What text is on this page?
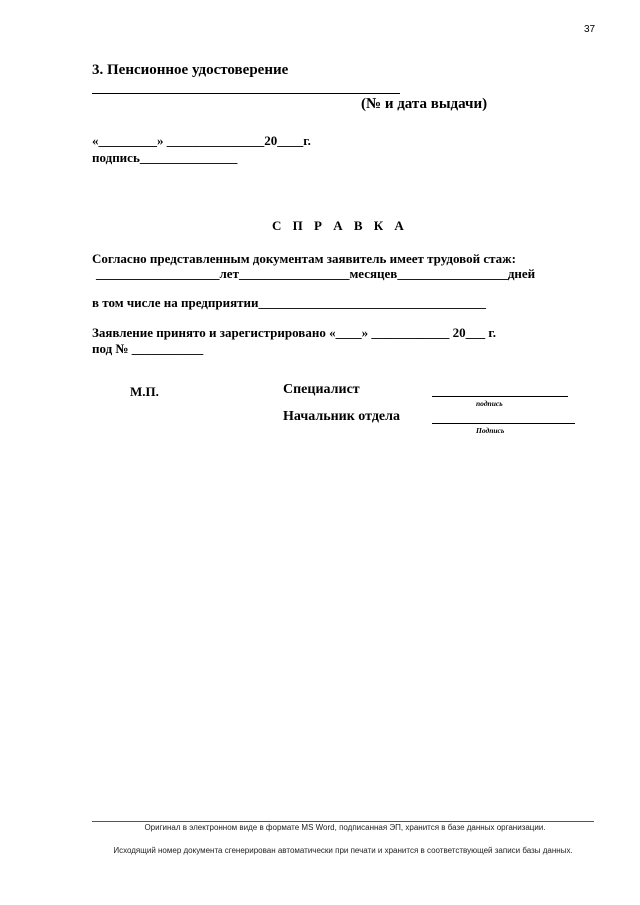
37
3. Пенсионное удостоверение
(№ и дата выдачи)
«_________» _______________20____г.
подпись_______________
С П Р А В К А
Согласно представленным документам заявитель имеет трудовой стаж:
___________________лет_________________месяцев_________________дней
в том числе на предприятии___________________________________
Заявление принято и зарегистрировано «____» ____________ 20___ г.
под № ___________
М.П.	Специалист
подпись
Начальник отдела
Подпись
Оригинал в электронном виде в формате MS Word, подписанная ЭП, хранится в базе данных организации.
Исходящий номер документа сгенерирован автоматически при печати и хранится в соответствующей записи базы данных.
